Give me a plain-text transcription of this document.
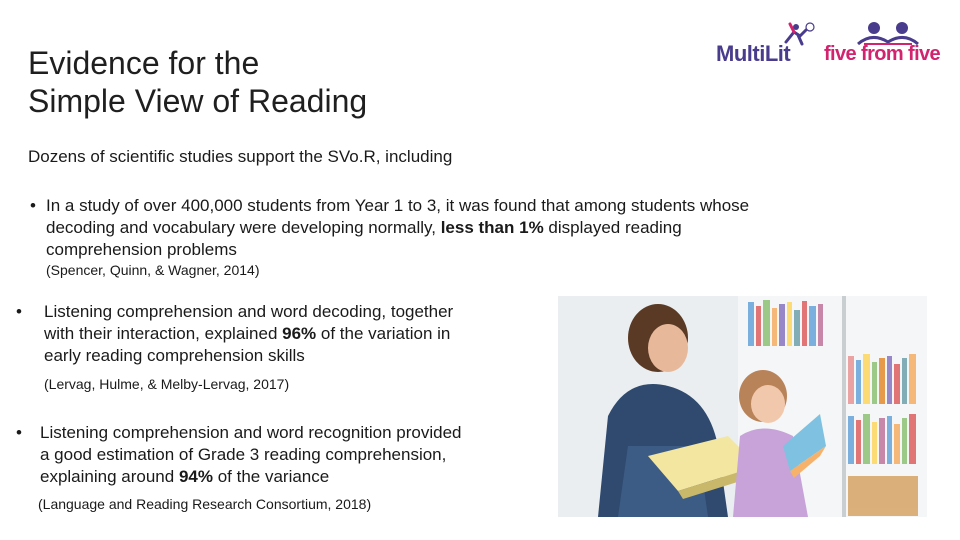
Evidence for the
Simple View of Reading
MultiLit five from five
Dozens of scientific studies support the SVo.R, including
• In a study of over 400,000 students from Year 1 to 3, it was found that among students whose
decoding and vocabulary were developing normally, less than 1% displayed reading
comprehension problems
(Spencer, Quinn, & Wagner, 2014)
• Listening comprehension and word decoding, together
with their interaction, explained 96% of the variation in
early reading comprehension skills
(Lervag, Hulme, & Melby-Lervag, 2017)
• Listening comprehension and word recognition provided
a good estimation of Grade 3 reading comprehension,
explaining around 94% of the variance
(Language and Reading Research Consortium, 2018)
